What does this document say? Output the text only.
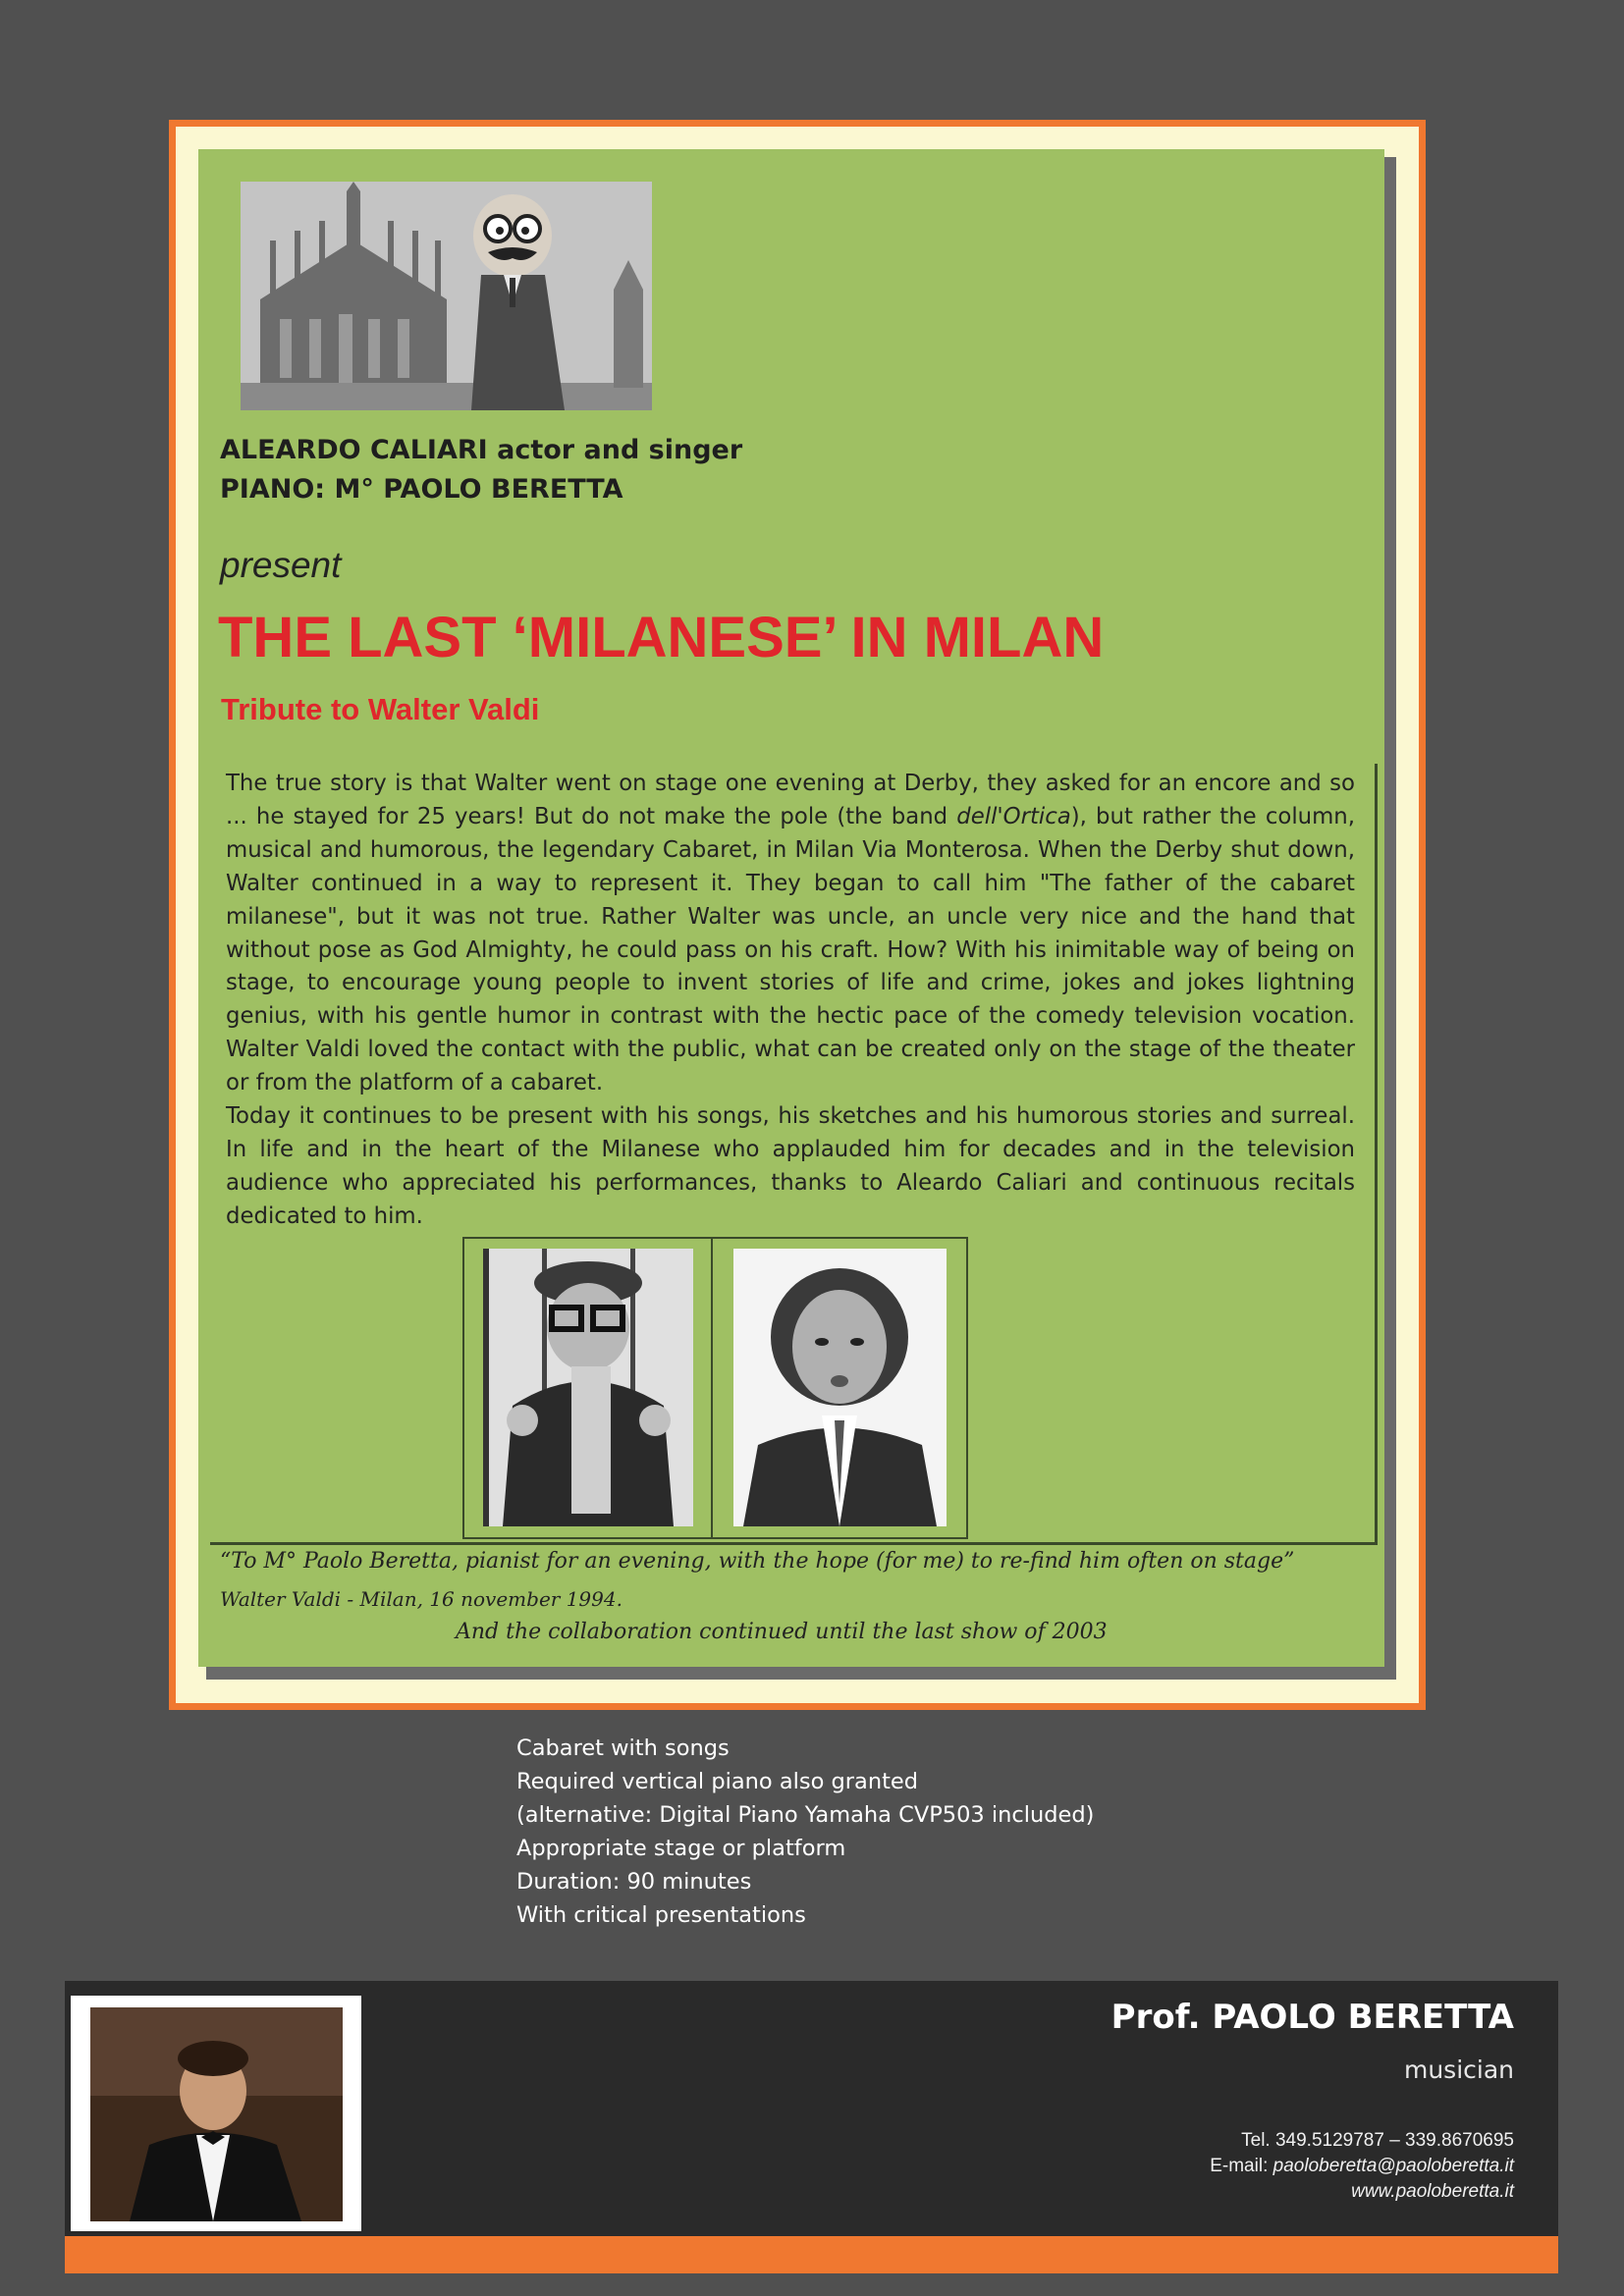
ALEARDO CALIARI actor and singer
PIANO: M° PAOLO BERETTA
present
THE LAST ‘MILANESE’ IN MILAN
Tribute to Walter Valdi

The true story is that Walter went on stage one evening at Derby, they asked for an encore and so ... he stayed for 25 years! But do not make the pole (the band dell'Ortica), but rather the column, musical and humorous, the legendary Cabaret, in Milan Via Monterosa. When the Derby shut down, Walter continued in a way to represent it. They began to call him "The father of the cabaret milanese", but it was not true. Rather Walter was uncle, an uncle very nice and the hand that without pose as God Almighty, he could pass on his craft. How? With his inimitable way of being on stage, to encourage young people to invent stories of life and crime, jokes and jokes lightning genius, with his gentle humor in contrast with the hectic pace of the comedy television vocation. Walter Valdi loved the contact with the public, what can be created only on the stage of the theater or from the platform of a cabaret.

Today it continues to be present with his songs, his sketches and his humorous stories and surreal. In life and in the heart of the Milanese who applauded him for decades and in the television audience who appreciated his performances, thanks to Aleardo Caliari and continuous recitals dedicated to him.

“To M° Paolo Beretta, pianist for an evening, with the hope (for me) to re-find him often on stage”
Walter Valdi - Milan, 16 november 1994.
And the collaboration continued until the last show of 2003
Cabaret with songs
Required vertical piano also granted
(alternative: Digital Piano Yamaha CVP503 included)
Appropriate stage or platform
Duration: 90 minutes
With critical presentations
Prof. PAOLO BERETTA
musician
Tel. 349.5129787 – 339.8670695
E-mail: paoloberetta@paoloberetta.it
www.paoloberetta.it
